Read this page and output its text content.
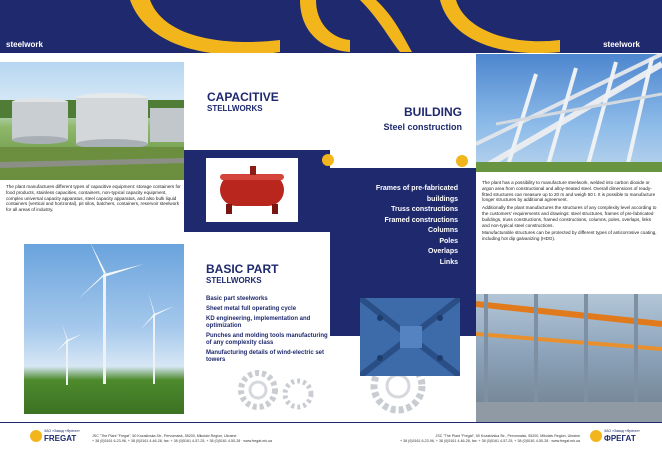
steelwork	steelwork
CAPACITIVE
STELLWORKS
The plant manufactures different types of capacitive equipment: storage containers for food products, stainless capacities, containers, non-typical capacity equipment, complex universal capacity apparatus, steel capacity apparatus, and also bulk liquid containers (vertical and horizontal), pit silos, batchers, containers, reservoir steelwork for all areas of industry.
BASIC PART
STELLWORKS
Basic part steelworks
Sheet metal full operating cycle
KD engineering, implementation and optimization
Punches and molding tools manufacturing of any complexity class
Manufacturing details of wind-electric set towers
BUILDING
Steel construction
Frames of pre-fabricated
buildings
Truss constructions
Framed constructions
Columns
Poles
Overlaps
Links
The plant has a possibility to manufacture steelwork, welded into carbon dioxide or argon area from constructional and alloy-treated steel. Overall dimensions of ready-fitted structures can measure up to 20 m and weigh 50 t. It is possible to manufacture longer structures by additional agreement.
Additionally the plant manufactures the structures of any complexity level according to the customers' requirements and drawings: steel structures, frames of pre-fabricated buildings, truss constructions, framed constructions, columns, poles, overlaps, links and non-typical steel constructions.
Manufacturable structures can be protected by different types of anticorrosive coating, including hot dip galvanizing (HDG).
ЗАО «Завод «Фрегат»
FREGAT	JSC "The Plant "Fregat", 50 Kozakivska Str., Pervomaisk, 55200, Mikolaiv Region, Ukraine
+ 38 (0)5161 6-23-96, + 38 (0)5161 4-46-28, fax: + 38 (0)5161 4-57-25, + 38 (0)5161 4-50-28 · www.fregat.mk.ua
JSC "The Plant "Fregat", 50 Kozakivska Str., Pervomaisk, 55200, Mikolaiv Region, Ukraine
+ 38 (0)5161 6-23-96, + 38 (0)5161 4-46-28, fax: + 38 (0)5161 4-57-25, + 38 (0)5161 4-50-28 · www.fregat.mk.ua
ЗАО «Завод «Фрегат»
ФРЕГАТ
